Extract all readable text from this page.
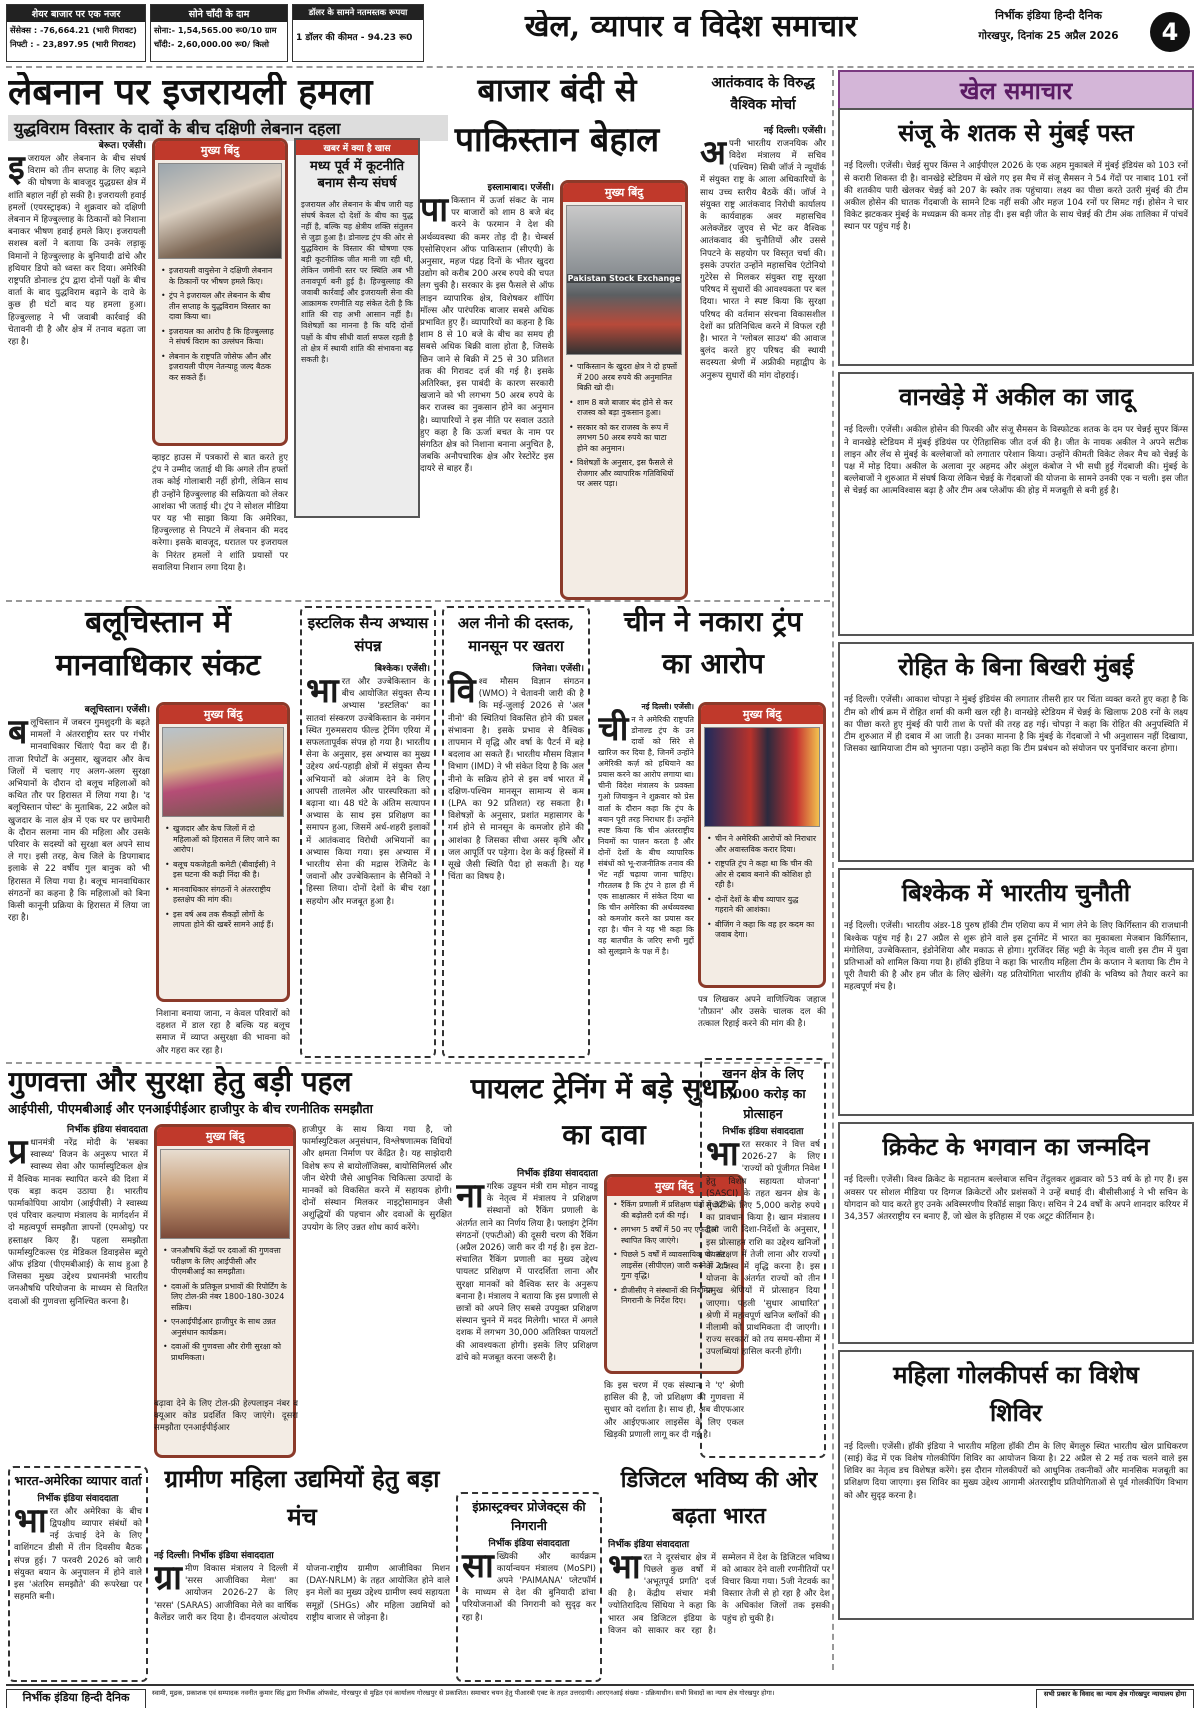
शेयर बाजार पर एक नजर
सेंसेक्स : -76,664.21 (भारी गिरावट)
निफ्टी : - 23,897.95 (भारी गिरावट)
सोने चाँदी के दाम
सोना:- 1,54,565.00 रू0/10 ग्राम
चाँदी:- 2,60,000.00 रू0/ किलो
डॉलर के सामने नतमस्तक रूपया
1 डॉलर की कीमत - 94.23 रू0	खेल, व्यापार व विदेश समाचार	निर्भीक इंडिया हिन्दी दैनिक
गोरखपुर, दिनांक 25 अप्रैल 2026	4
लेबनान पर इजरायली हमला
युद्धविराम विस्तार के दावों के बीच दक्षिणी लेबनान दहला
बेरूत। एजेंसी।
इजरायल और लेबनान के बीच संघर्ष विराम को तीन सप्ताह के लिए बढ़ाने की घोषणा के बावजूद युद्धग्रस्त क्षेत्र में शांति बहाल नहीं हो सकी है। इजरायली हवाई हमलों (एयरस्ट्राइक) ने शुक्रवार को दक्षिणी लेबनान में हिज्बुल्लाह के ठिकानों को निशाना बनाकर भीषण हवाई हमले किए। इजरायली सशस्त्र बलों ने बताया कि उनके लड़ाकू विमानों ने हिज्बुल्लाह के बुनियादी ढांचे और हथियार डिपो को ध्वस्त कर दिया। अमेरिकी राष्ट्रपति डोनाल्ड ट्रंप द्वारा दोनों पक्षों के बीच वार्ता के बाद युद्धविराम बढ़ाने के दावे के कुछ ही घंटों बाद यह हमला हुआ। हिज्बुल्लाह ने भी जवाबी कार्रवाई की चेतावनी दी है और क्षेत्र में तनाव बढ़ता जा रहा है।
मुख्य बिंदु
• इजरायली वायुसेना ने दक्षिणी लेबनान के ठिकानों पर भीषण हमले किए।
• ट्रंप ने इजरायल और लेबनान के बीच तीन सप्ताह के युद्धविराम विस्तार का दावा किया था।
• इजरायल का आरोप है कि हिज्बुल्लाह ने संघर्ष विराम का उल्लंघन किया।
• लेबनान के राष्ट्रपति जोसेफ औन और इजरायली पीएम नेतन्याहू जल्द बैठक कर सकते हैं।
व्हाइट हाउस में पत्रकारों से बात करते हुए ट्रंप ने उम्मीद जताई थी कि अगले तीन हफ्तों तक कोई गोलाबारी नहीं होगी, लेकिन साथ ही उन्होंने हिज्बुल्लाह की सक्रियता को लेकर आशंका भी जताई थी। ट्रंप ने सोशल मीडिया पर यह भी साझा किया कि अमेरिका, हिज्बुल्लाह से निपटने में लेबनान की मदद करेगा। इसके बावजूद, धरातल पर इजरायल के निरंतर हमलों ने शांति प्रयासों पर सवालिया निशान लगा दिया है।
खबर में क्या है खास
मध्य पूर्व में कूटनीति बनाम सैन्य संघर्ष
इजरायल और लेबनान के बीच जारी यह संघर्ष केवल दो देशों के बीच का युद्ध नहीं है, बल्कि यह क्षेत्रीय शक्ति संतुलन से जुड़ा हुआ है। डोनाल्ड ट्रंप की ओर से युद्धविराम के विस्तार की घोषणा एक बड़ी कूटनीतिक जीत मानी जा रही थी, लेकिन जमीनी स्तर पर स्थिति अब भी तनावपूर्ण बनी हुई है। हिज्बुल्लाह की जवाबी कार्रवाई और इजरायली सेना की आक्रामक रणनीति यह संकेत देती है कि शांति की राह अभी आसान नहीं है। विशेषज्ञों का मानना है कि यदि दोनों पक्षों के बीच सीधी वार्ता सफल रहती है तो क्षेत्र में स्थायी शांति की संभावना बढ़ सकती है।
बाजार बंदी से
पाकिस्तान बेहाल
इस्लामाबाद। एजेंसी।
पाकिस्तान में ऊर्जा संकट के नाम पर बाजारों को शाम 8 बजे बंद करने के फरमान ने देश की अर्थव्यवस्था की कमर तोड़ दी है। चेम्बर्स एसोसिएशन ऑफ पाकिस्तान (सीएपी) के अनुसार, महज पंद्रह दिनों के भीतर खुदरा उद्योग को करीब 200 अरब रुपये की चपत लग चुकी है। सरकार के इस फैसले से ऑफ लाइन व्यापारिक क्षेत्र, विशेषकर शॉपिंग मॉल्स और पारंपरिक बाजार सबसे अधिक प्रभावित हुए हैं। व्यापारियों का कहना है कि शाम 8 से 10 बजे के बीच का समय ही सबसे अधिक बिक्री वाला होता है, जिसके छिन जाने से बिक्री में 25 से 30 प्रतिशत तक की गिरावट दर्ज की गई है। इसके अतिरिक्त, इस पाबंदी के कारण सरकारी खजाने को भी लगभग 50 अरब रुपये के कर राजस्व का नुकसान होने का अनुमान है। व्यापारियों ने इस नीति पर सवाल उठाते हुए कहा है कि ऊर्जा बचत के नाम पर संगठित क्षेत्र को निशाना बनाना अनुचित है, जबकि अनौपचारिक क्षेत्र और रेस्टोरेंट इस दायरे से बाहर हैं।
मुख्य बिंदु
Pakistan Stock Exchange
• पाकिस्तान के खुदरा क्षेत्र ने दो हफ्तों में 200 अरब रुपये की अनुमानित बिक्री खो दी।
• शाम 8 बजे बाजार बंद होने से कर राजस्व को बड़ा नुकसान हुआ।
• सरकार को कर राजस्व के रूप में लगभग 50 अरब रुपये का घाटा होने का अनुमान।
• विशेषज्ञों के अनुसार, इस फैसले से रोजगार और व्यापारिक गतिविधियों पर असर पड़ा।
आतंकवाद के विरुद्ध वैश्विक मोर्चा
नई दिल्ली। एजेंसी।
अपनी भारतीय राजनयिक और विदेश मंत्रालय में सचिव (पश्चिम) सिबी जॉर्ज ने न्यूयॉर्क में संयुक्त राष्ट्र के आला अधिकारियों के साथ उच्च स्तरीय बैठकें कीं। जॉर्ज ने संयुक्त राष्ट्र आतंकवाद निरोधी कार्यालय के कार्यवाहक अवर महासचिव अलेक्जेंडर जुएव से भेंट कर वैश्विक आतंकवाद की चुनौतियों और उससे निपटने के सहयोग पर विस्तृत चर्चा की। इसके उपरांत उन्होंने महासचिव एंटोनियो गुटेरेस से मिलकर संयुक्त राष्ट्र सुरक्षा परिषद में सुधारों की आवश्यकता पर बल दिया। भारत ने स्पष्ट किया कि सुरक्षा परिषद की वर्तमान संरचना विकासशील देशों का प्रतिनिधित्व करने में विफल रही है। भारत ने 'ग्लोबल साउथ' की आवाज बुलंद करते हुए परिषद की स्थायी सदस्यता श्रेणी में अफ्रीकी महाद्वीप के अनुरूप सुधारों की मांग दोहराई।
खेल समाचार
संजू के शतक से मुंबई पस्त
नई दिल्ली। एजेंसी। चेन्नई सुपर किंग्स ने आईपीएल 2026 के एक अहम मुकाबले में मुंबई इंडियंस को 103 रनों से करारी शिकस्त दी है। वानखेड़े स्टेडियम में खेले गए इस मैच में संजू सैमसन ने 54 गेंदों पर नाबाद 101 रनों की शतकीय पारी खेलकर चेन्नई को 207 के स्कोर तक पहुंचाया। लक्ष्य का पीछा करते उतरी मुंबई की टीम अकील होसेन की घातक गेंदबाजी के सामने टिक नहीं सकी और महज 104 रनों पर सिमट गई। होसेन ने चार विकेट झटककर मुंबई के मध्यक्रम की कमर तोड़ दी। इस बड़ी जीत के साथ चेन्नई की टीम अंक तालिका में पांचवें स्थान पर पहुंच गई है।
वानखेड़े में अकील का जादू
नई दिल्ली। एजेंसी। अकील होसेन की फिरकी और संजू सैमसन के विस्फोटक शतक के दम पर चेन्नई सुपर किंग्स ने वानखेड़े स्टेडियम में मुंबई इंडियंस पर ऐतिहासिक जीत दर्ज की है। जीत के नायक अकील ने अपने सटीक लाइन और लेंथ से मुंबई के बल्लेबाजों को लगातार परेशान किया। उन्होंने कीमती विकेट लेकर मैच को चेन्नई के पक्ष में मोड़ दिया। अकील के अलावा नूर अहमद और अंशुल कंबोज ने भी सधी हुई गेंदबाजी की। मुंबई के बल्लेबाजों ने शुरुआत में संघर्ष किया लेकिन चेन्नई के गेंदबाजों की योजना के सामने उनकी एक न चली। इस जीत से चेन्नई का आत्मविश्वास बढ़ा है और टीम अब प्लेऑफ की होड़ में मजबूती से बनी हुई है।
रोहित के बिना बिखरी मुंबई
नई दिल्ली। एजेंसी। आकाश चोपड़ा ने मुंबई इंडियंस की लगातार तीसरी हार पर चिंता व्यक्त करते हुए कहा है कि टीम को शीर्ष क्रम में रोहित शर्मा की कमी खल रही है। वानखेड़े स्टेडियम में चेन्नई के खिलाफ 208 रनों के लक्ष्य का पीछा करते हुए मुंबई की पारी ताश के पत्तों की तरह ढह गई। चोपड़ा ने कहा कि रोहित की अनुपस्थिति में टीम शुरुआत में ही दबाव में आ जाती है। उनका मानना है कि मुंबई के गेंदबाजों ने भी अनुशासन नहीं दिखाया, जिसका खामियाजा टीम को भुगतना पड़ा। उन्होंने कहा कि टीम प्रबंधन को संयोजन पर पुनर्विचार करना होगा।
बिश्केक में भारतीय चुनौती
नई दिल्ली। एजेंसी। भारतीय अंडर-18 पुरुष हॉकी टीम एशिया कप में भाग लेने के लिए किर्गिस्तान की राजधानी बिश्केक पहुंच गई है। 27 अप्रैल से शुरू होने वाले इस टूर्नामेंट में भारत का मुकाबला मेजबान किर्गिस्तान, मंगोलिया, उज्बेकिस्तान, इंडोनेशिया और मकाऊ से होगा। गुरजिंदर सिंह भट्टी के नेतृत्व वाली इस टीम में युवा प्रतिभाओं को शामिल किया गया है। हॉकी इंडिया ने कहा कि भारतीय महिला टीम के कप्तान ने बताया कि टीम ने पूरी तैयारी की है और हम जीत के लिए खेलेंगे। यह प्रतियोगिता भारतीय हॉकी के भविष्य को तैयार करने का महत्वपूर्ण मंच है।
क्रिकेट के भगवान का जन्मदिन
नई दिल्ली। एजेंसी। विश्व क्रिकेट के महानतम बल्लेबाज सचिन तेंदुलकर शुक्रवार को 53 वर्ष के हो गए हैं। इस अवसर पर सोशल मीडिया पर दिग्गज क्रिकेटरों और प्रशंसकों ने उन्हें बधाई दी। बीसीसीआई ने भी सचिन के योगदान को याद करते हुए उनके अविस्मरणीय रिकॉर्ड साझा किए। सचिन ने 24 वर्षों के अपने शानदार करियर में 34,357 अंतरराष्ट्रीय रन बनाए हैं, जो खेल के इतिहास में एक अटूट कीर्तिमान है।
महिला गोलकीपर्स का विशेष शिविर
नई दिल्ली। एजेंसी। हॉकी इंडिया ने भारतीय महिला हॉकी टीम के लिए बेंगलुरु स्थित भारतीय खेल प्राधिकरण (साई) केंद्र में एक विशेष गोलकीपिंग शिविर का आयोजन किया है। 22 अप्रैल से 2 मई तक चलने वाले इस शिविर का नेतृत्व डच विशेषज्ञ करेंगे। इस दौरान गोलकीपरों को आधुनिक तकनीकों और मानसिक मजबूती का प्रशिक्षण दिया जाएगा। इस शिविर का मुख्य उद्देश्य आगामी अंतरराष्ट्रीय प्रतियोगिताओं से पूर्व गोलकीपिंग विभाग को और सुदृढ़ करना है।
बलूचिस्तान में
मानवाधिकार संकट
बलूचिस्तान। एजेंसी।
बलूचिस्तान में जबरन गुमशुदगी के बढ़ते मामलों ने अंतरराष्ट्रीय स्तर पर गंभीर मानवाधिकार चिंताएं पैदा कर दी हैं। ताजा रिपोर्टों के अनुसार, खुजदार और केच जिलों में चलाए गए अलग-अलग सुरक्षा अभियानों के दौरान दो बलूच महिलाओं को कथित तौर पर हिरासत में लिया गया है। 'द बलूचिस्तान पोस्ट' के मुताबिक, 22 अप्रैल को खुजदार के नाल क्षेत्र में एक घर पर छापेमारी के दौरान सलमा नाम की महिला और उसके परिवार के सदस्यों को सुरक्षा बल अपने साथ ले गए। इसी तरह, केच जिले के डिपगाबाद इलाके से 22 वर्षीय गुल बानुक को भी हिरासत में लिया गया है। बलूच मानवाधिकार संगठनों का कहना है कि महिलाओं को बिना किसी कानूनी प्रक्रिया के हिरासत में लिया जा रहा है।
मुख्य बिंदु
• खुजदार और केच जिलों में दो महिलाओं को हिरासत में लिए जाने का आरोप।
• बलूच यकजेहती कमेटी (बीवाईसी) ने इस घटना की कड़ी निंदा की है।
• मानवाधिकार संगठनों ने अंतरराष्ट्रीय हस्तक्षेप की मांग की।
• इस वर्ष अब तक सैकड़ों लोगों के लापता होने की खबरें सामने आई हैं।
निशाना बनाया जाना, न केवल परिवारों को दहशत में डाल रहा है बल्कि यह बलूच समाज में व्याप्त असुरक्षा की भावना को और गहरा कर रहा है।
इस्टलिक सैन्य अभ्यास संपन्न
बिश्केक। एजेंसी।
भारत और उज्बेकिस्तान के बीच आयोजित संयुक्त सैन्य अभ्यास 'डस्टलिक' का सातवां संस्करण उज्बेकिस्तान के नमंगन स्थित गुरुमसराय फील्ड ट्रेनिंग एरिया में सफलतापूर्वक संपन्न हो गया है। भारतीय सेना के अनुसार, इस अभ्यास का मुख्य उद्देश्य अर्ध-पहाड़ी क्षेत्रों में संयुक्त सैन्य अभियानों को अंजाम देने के लिए आपसी तालमेल और पारस्परिकता को बढ़ाना था। 48 घंटे के अंतिम सत्यापन अभ्यास के साथ इस प्रशिक्षण का समापन हुआ, जिसमें अर्ध-शहरी इलाकों में आतंकवाद विरोधी अभियानों का अभ्यास किया गया। इस अभ्यास में भारतीय सेना की मद्रास रेजिमेंट के जवानों और उज्बेकिस्तान के सैनिकों ने हिस्सा लिया। दोनों देशों के बीच रक्षा सहयोग और मजबूत हुआ है।
अल नीनो की दस्तक, मानसून पर खतरा
जिनेवा। एजेंसी।
विश्व मौसम विज्ञान संगठन (WMO) ने चेतावनी जारी की है कि मई-जुलाई 2026 से 'अल नीनो' की स्थितियां विकसित होने की प्रबल संभावना है। इसके प्रभाव से वैश्विक तापमान में वृद्धि और वर्षा के पैटर्न में बड़े बदलाव आ सकते हैं। भारतीय मौसम विज्ञान विभाग (IMD) ने भी संकेत दिया है कि अल नीनो के सक्रिय होने से इस वर्ष भारत में दक्षिण-पश्चिम मानसून सामान्य से कम (LPA का 92 प्रतिशत) रह सकता है। विशेषज्ञों के अनुसार, प्रशांत महासागर के गर्म होने से मानसून के कमजोर होने की आशंका है जिसका सीधा असर कृषि और जल आपूर्ति पर पड़ेगा। देश के कई हिस्सों में सूखे जैसी स्थिति पैदा हो सकती है। यह चिंता का विषय है।
चीन ने नकारा ट्रंप
का आरोप
नई दिल्ली। एजेंसी।
चीन ने अमेरिकी राष्ट्रपति डोनाल्ड ट्रंप के उन दावों को सिरे से खारिज कर दिया है, जिनमें उन्होंने अमेरिकी कर्ज़ को हथियाने का प्रयास करने का आरोप लगाया था। चीनी विदेश मंत्रालय के प्रवक्ता गुओ जियाकुन ने शुक्रवार को प्रेस वार्ता के दौरान कहा कि ट्रंप के बयान पूरी तरह निराधार हैं। उन्होंने स्पष्ट किया कि चीन अंतरराष्ट्रीय नियमों का पालन करता है और दोनों देशों के बीच व्यापारिक संबंधों को भू-राजनीतिक तनाव की भेंट नहीं चढ़ाया जाना चाहिए। गौरतलब है कि ट्रंप ने हाल ही में एक साक्षात्कार में संकेत दिया था कि चीन अमेरिका की अर्थव्यवस्था को कमजोर करने का प्रयास कर रहा है। चीन ने यह भी कहा कि वह बातचीत के जरिए सभी मुद्दों को सुलझाने के पक्ष में है।
मुख्य बिंदु
• चीन ने अमेरिकी आरोपों को निराधार और अवास्तविक करार दिया।
• राष्ट्रपति ट्रंप ने कहा था कि चीन की ओर से दबाव बनाने की कोशिश हो रही है।
• दोनों देशों के बीच व्यापार युद्ध गहराने की आशंका।
• बीजिंग ने कहा कि वह हर कदम का जवाब देगा।
पत्र लिखकर अपने वाणिज्यिक जहाज 'तौफ़ान' और उसके चालक दल की तत्काल रिहाई करने की मांग की है।
गुणवत्ता और सुरक्षा हेतु बड़ी पहल
आईपीसी, पीएमबीआई और एनआईपीईआर हाजीपुर के बीच रणनीतिक समझौता
निर्भीक इंडिया संवाददाता
प्र धानमंत्री नरेंद्र मोदी के 'सबका स्वास्थ्य' विजन के अनुरूप भारत में स्वास्थ्य सेवा और फार्मास्युटिकल क्षेत्र में वैश्विक मानक स्थापित करने की दिशा में एक बड़ा कदम उठाया है। भारतीय फार्माकोपिया आयोग (आईपीसी) ने स्वास्थ्य एवं परिवार कल्याण मंत्रालय के मार्गदर्शन में दो महत्वपूर्ण समझौता ज्ञापनों (एमओयू) पर हस्ताक्षर किए हैं। पहला समझौता फार्मास्युटिकल्स एंड मेडिकल डिवाइसेस ब्यूरो ऑफ इंडिया (पीएमबीआई) के साथ हुआ है जिसका मुख्य उद्देश्य प्रधानमंत्री भारतीय जनऔषधि परियोजना के माध्यम से वितरित दवाओं की गुणवत्ता सुनिश्चित करना है।
मुख्य बिंदु
• जनऔषधि केंद्रों पर दवाओं की गुणवत्ता परीक्षण के लिए आईपीसी और पीएमबीआई का समझौता।
• दवाओं के प्रतिकूल प्रभावों की रिपोर्टिंग के लिए टोल-फ्री नंबर 1800-180-3024 सक्रिय।
• एनआईपीईआर हाजीपुर के साथ उन्नत अनुसंधान कार्यक्रम।
• दवाओं की गुणवत्ता और रोगी सुरक्षा को प्राथमिकता।
हाजीपुर के साथ किया गया है, जो फार्मास्युटिकल अनुसंधान, विश्लेषणात्मक विधियों और क्षमता निर्माण पर केंद्रित है। यह साझेदारी विशेष रूप से बायोलॉजिक्स, बायोसिमिलर्स और जीन थेरेपी जैसे आधुनिक चिकित्सा उत्पादों के मानकों को विकसित करने में सहायक होगी। दोनों संस्थान मिलकर नाइट्रोसामाइन जैसी अशुद्धियों की पहचान और दवाओं के सुरक्षित उपयोग के लिए उन्नत शोध कार्य करेंगे।
भारत-अमेरिका व्यापार वार्ता
निर्भीक इंडिया संवाददाता
भारत और अमेरिका के बीच द्विपक्षीय व्यापार संबंधों को नई ऊंचाई देने के लिए वाशिंगटन डीसी में तीन दिवसीय बैठक संपन्न हुई। 7 फरवरी 2026 को जारी संयुक्त बयान के अनुपालन में होने वाले इस 'अंतरिम समझौते' की रूपरेखा पर सहमति बनी।
बढ़ावा देने के लिए टोल-फ्री हेल्पलाइन नंबर व क्यूआर कोड प्रदर्शित किए जाएंगे। दूसरा समझौता एनआईपीईआर
ग्रामीण महिला उद्यमियों हेतु बड़ा मंच
नई दिल्ली। निर्भीक इंडिया संवाददाता
ग्रा मीण विकास मंत्रालय ने दिल्ली में 'सरस आजीविका मेला' का आयोजन 2026-27 के लिए 'सरस' (SARAS) आजीविका मेले का वार्षिक कैलेंडर जारी कर दिया है। दीनदयाल अंत्योदय योजना-राष्ट्रीय ग्रामीण आजीविका मिशन (DAY-NRLM) के तहत आयोजित होने वाले इन मेलों का मुख्य उद्देश्य ग्रामीण स्वयं सहायता समूहों (SHGs) और महिला उद्यमियों को राष्ट्रीय बाजार से जोड़ना है।
पायलट ट्रेनिंग में बड़े सुधार का दावा
निर्भीक इंडिया संवाददाता
नागरिक उड्डयन मंत्री राम मोहन नायडू के नेतृत्व में मंत्रालय ने प्रशिक्षण संस्थानों को रैंकिंग प्रणाली के अंतर्गत लाने का निर्णय लिया है। फ्लाइंग ट्रेनिंग संगठनों (एफटीओ) की दूसरी चरण की रैंकिंग (अप्रैल 2026) जारी कर दी गई है। इस डेटा-संचालित रैंकिंग प्रणाली का मुख्य उद्देश्य पायलट प्रशिक्षण में पारदर्शिता लाना और सुरक्षा मानकों को वैश्विक स्तर के अनुरूप बनाना है। मंत्रालय ने बताया कि इस प्रणाली से छात्रों को अपने लिए सबसे उपयुक्त प्रशिक्षण संस्थान चुनने में मदद मिलेगी। भारत में अगले दशक में लगभग 30,000 अतिरिक्त पायलटों की आवश्यकता होगी। इसके लिए प्रशिक्षण ढांचे को मजबूत करना जरूरी है।
मुख्य बिंदु
• रैंकिंग प्रणाली में प्रशिक्षण घंटों में 32% की बढ़ोतरी दर्ज की गई।
• लगभग 5 वर्षों में 50 नए एफटीओ स्थापित किए जाएंगे।
• पिछले 5 वर्षों में व्यावसायिक पायलट लाइसेंस (सीपीएल) जारी करने में 2.5 गुना वृद्धि।
• डीजीसीए ने संस्थानों की नियमित निगरानी के निर्देश दिए।
कि इस चरण में एक संस्थान ने 'ए' श्रेणी हासिल की है, जो प्रशिक्षण की गुणवत्ता में सुधार को दर्शाता है। साथ ही, अब वीएफआर और आईएफआर लाइसेंस के लिए एकल खिड़की प्रणाली लागू कर दी गई है।
खनन क्षेत्र के लिए 5,000 करोड़ का प्रोत्साहन
निर्भीक इंडिया संवाददाता
भारत सरकार ने वित्त वर्ष 2026-27 के लिए 'राज्यों को पूंजीगत निवेश हेतु विशेष सहायता योजना' (SASCI) के तहत खनन क्षेत्र के सुधारों के लिए 5,000 करोड़ रुपये का प्रावधान किया है। खान मंत्रालय द्वारा जारी दिशा-निर्देशों के अनुसार, इस प्रोत्साहन राशि का उद्देश्य खनिजों के संरक्षण में तेजी लाना और राज्यों के राजस्व में वृद्धि करना है। इस योजना के अंतर्गत राज्यों को तीन प्रमुख श्रेणियों में प्रोत्साहन दिया जाएगा। पहली 'सुधार आधारित' श्रेणी में महत्वपूर्ण खनिज ब्लॉकों की नीलामी को प्राथमिकता दी जाएगी। राज्य सरकारों को तय समय-सीमा में उपलब्धियां हासिल करनी होंगी।
इंफ्रास्ट्रक्चर प्रोजेक्ट्स की निगरानी
निर्भीक इंडिया संवाददाता
साख्यिकी और कार्यक्रम कार्यान्वयन मंत्रालय (MoSPI) अपने 'PAIMANA' प्लेटफॉर्म के माध्यम से देश की बुनियादी ढांचा परियोजनाओं की निगरानी को सुदृढ़ कर रहा है।
डिजिटल भविष्य की ओर बढ़ता भारत
निर्भीक इंडिया संवाददाता
भारत ने दूरसंचार क्षेत्र में पिछले कुछ वर्षों में 'अभूतपूर्व प्रगति' दर्ज की है। केंद्रीय संचार मंत्री ज्योतिरादित्य सिंधिया ने कहा कि भारत अब डिजिटल इंडिया के विजन को साकार कर रहा है। सम्मेलन में देश के डिजिटल भविष्य को आकार देने वाली रणनीतियों पर विचार किया गया। 5जी नेटवर्क का विस्तार तेजी से हो रहा है और देश के अधिकांश जिलों तक इसकी पहुंच हो चुकी है।
निर्भीक इंडिया हिन्दी दैनिक	स्वामी, मुद्रक, प्रकाशक एवं सम्पादक नवनीत कुमार सिंह द्वारा निर्भीक ऑफसेट, गोरखपुर से मुद्रित एवं कार्यालय गोरखपुर से प्रकाशित। समाचार चयन हेतु पीआरबी एक्ट के तहत उत्तरदायी। आरएनआई संख्या - प्रक्रियाधीन। सभी विवादों का न्याय क्षेत्र गोरखपुर होगा।	सभी प्रकार के विवाद का न्याय क्षेत्र गोरखपुर न्यायालय होगा
